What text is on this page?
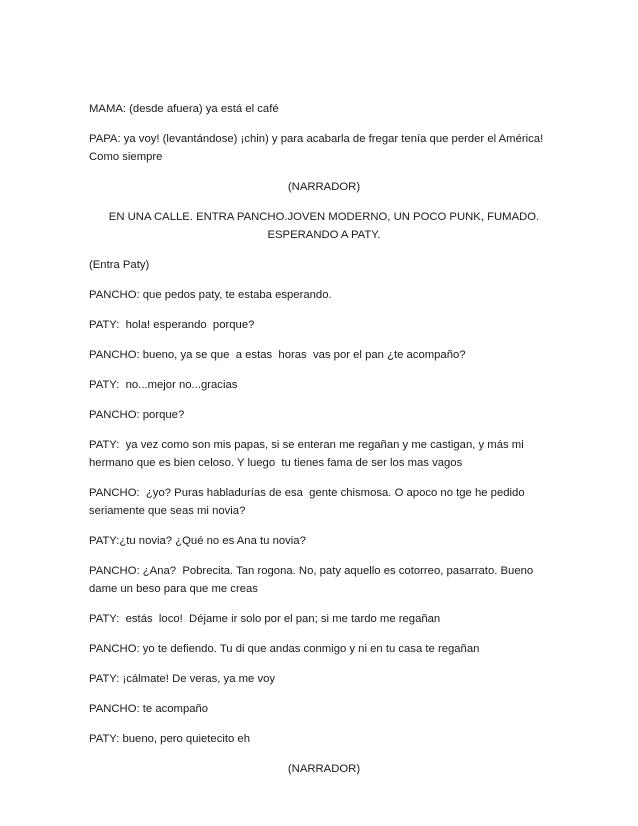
MAMA: (desde afuera) ya está el café

PAPA: ya voy! (levantándose) ¡chin) y para acabarla de fregar tenía que perder el América!
Como siempre

(NARRADOR)

EN UNA CALLE. ENTRA PANCHO.JOVEN MODERNO, UN POCO PUNK, FUMADO.
ESPERANDO A PATY.

(Entra Paty)

PANCHO: que pedos paty, te estaba esperando.

PATY:  hola! esperando  porque?

PANCHO: bueno, ya se que  a estas  horas  vas por el pan ¿te acompaño?

PATY:  no...mejor no...gracias

PANCHO: porque?

PATY:  ya vez como son mis papas, si se enteran me regañan y me castigan, y más mi
hermano que es bien celoso. Y luego  tu tienes fama de ser los mas vagos

PANCHO:  ¿yo? Puras habladurías de esa  gente chismosa. O apoco no tge he pedido
seriamente que seas mi novia?

PATY:¿tu novia? ¿Qué no es Ana tu novia?

PANCHO: ¿Ana?  Pobrecita. Tan rogona. No, paty aquello es cotorreo, pasarrato. Bueno
dame un beso para que me creas

PATY:  estás  loco!  Déjame ir solo por el pan; si me tardo me regañan

PANCHO: yo te defiendo. Tu di que andas conmigo y ni en tu casa te regañan

PATY: ¡cálmate! De veras, ya me voy

PANCHO: te acompaño

PATY: bueno, pero quietecito eh

(NARRADOR)
